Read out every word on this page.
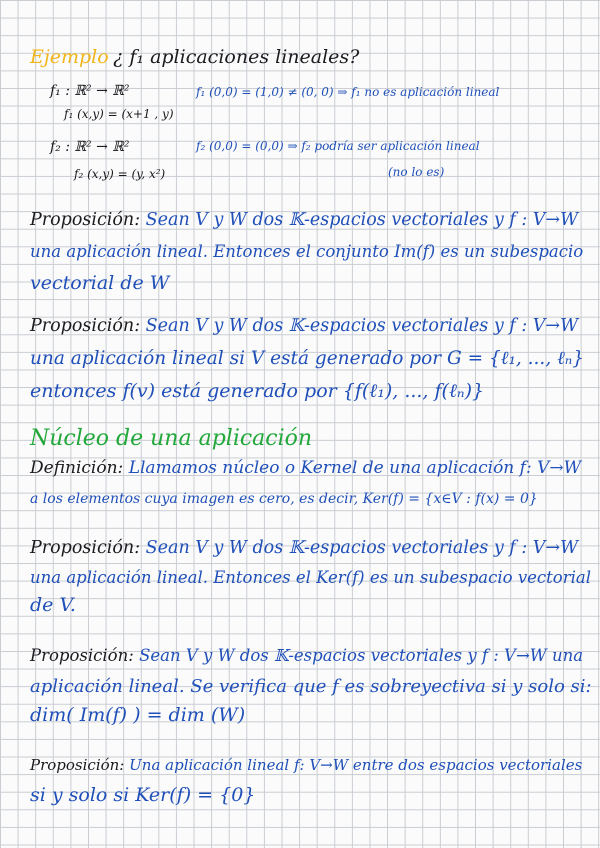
Ejemplo ¿ f₁ aplicaciones lineales?
f₁ : ℝ² → ℝ²
f₁ (x,y) = (x+1 , y)
f₁ (0,0) = (1,0) ≠ (0, 0) ⇒ f₁ no es aplicación lineal
f₂ : ℝ² → ℝ²
f₂ (x,y) = (y, x²)
f₂ (0,0) = (0,0) ⇒ f₂ podría ser aplicación lineal
(no lo es)
Proposición: Sean V y W dos 𝕂-espacios vectoriales y f : V→W
una aplicación lineal. Entonces el conjunto Im(f) es un subespacio
vectorial de W
Proposición: Sean V y W dos 𝕂-espacios vectoriales y f : V→W
una aplicación lineal si V está generado por G = {ℓ₁, ..., ℓₙ}
entonces f(v) está generado por {f(ℓ₁), ..., f(ℓₙ)}
Núcleo de una aplicación
Definición: Llamamos núcleo o Kernel de una aplicación f: V→W
a los elementos cuya imagen es cero, es decir, Ker(f) = {x∈V : f(x) = 0}
Proposición: Sean V y W dos 𝕂-espacios vectoriales y f : V→W
una aplicación lineal. Entonces el Ker(f) es un subespacio vectorial
de V.
Proposición: Sean V y W dos 𝕂-espacios vectoriales y f : V→W una
aplicación lineal. Se verifica que f es sobreyectiva si y solo si:
dim( Im(f) ) = dim (W)
Proposición: Una aplicación lineal f: V→W entre dos espacios vectoriales
si y solo si Ker(f) = {0}
